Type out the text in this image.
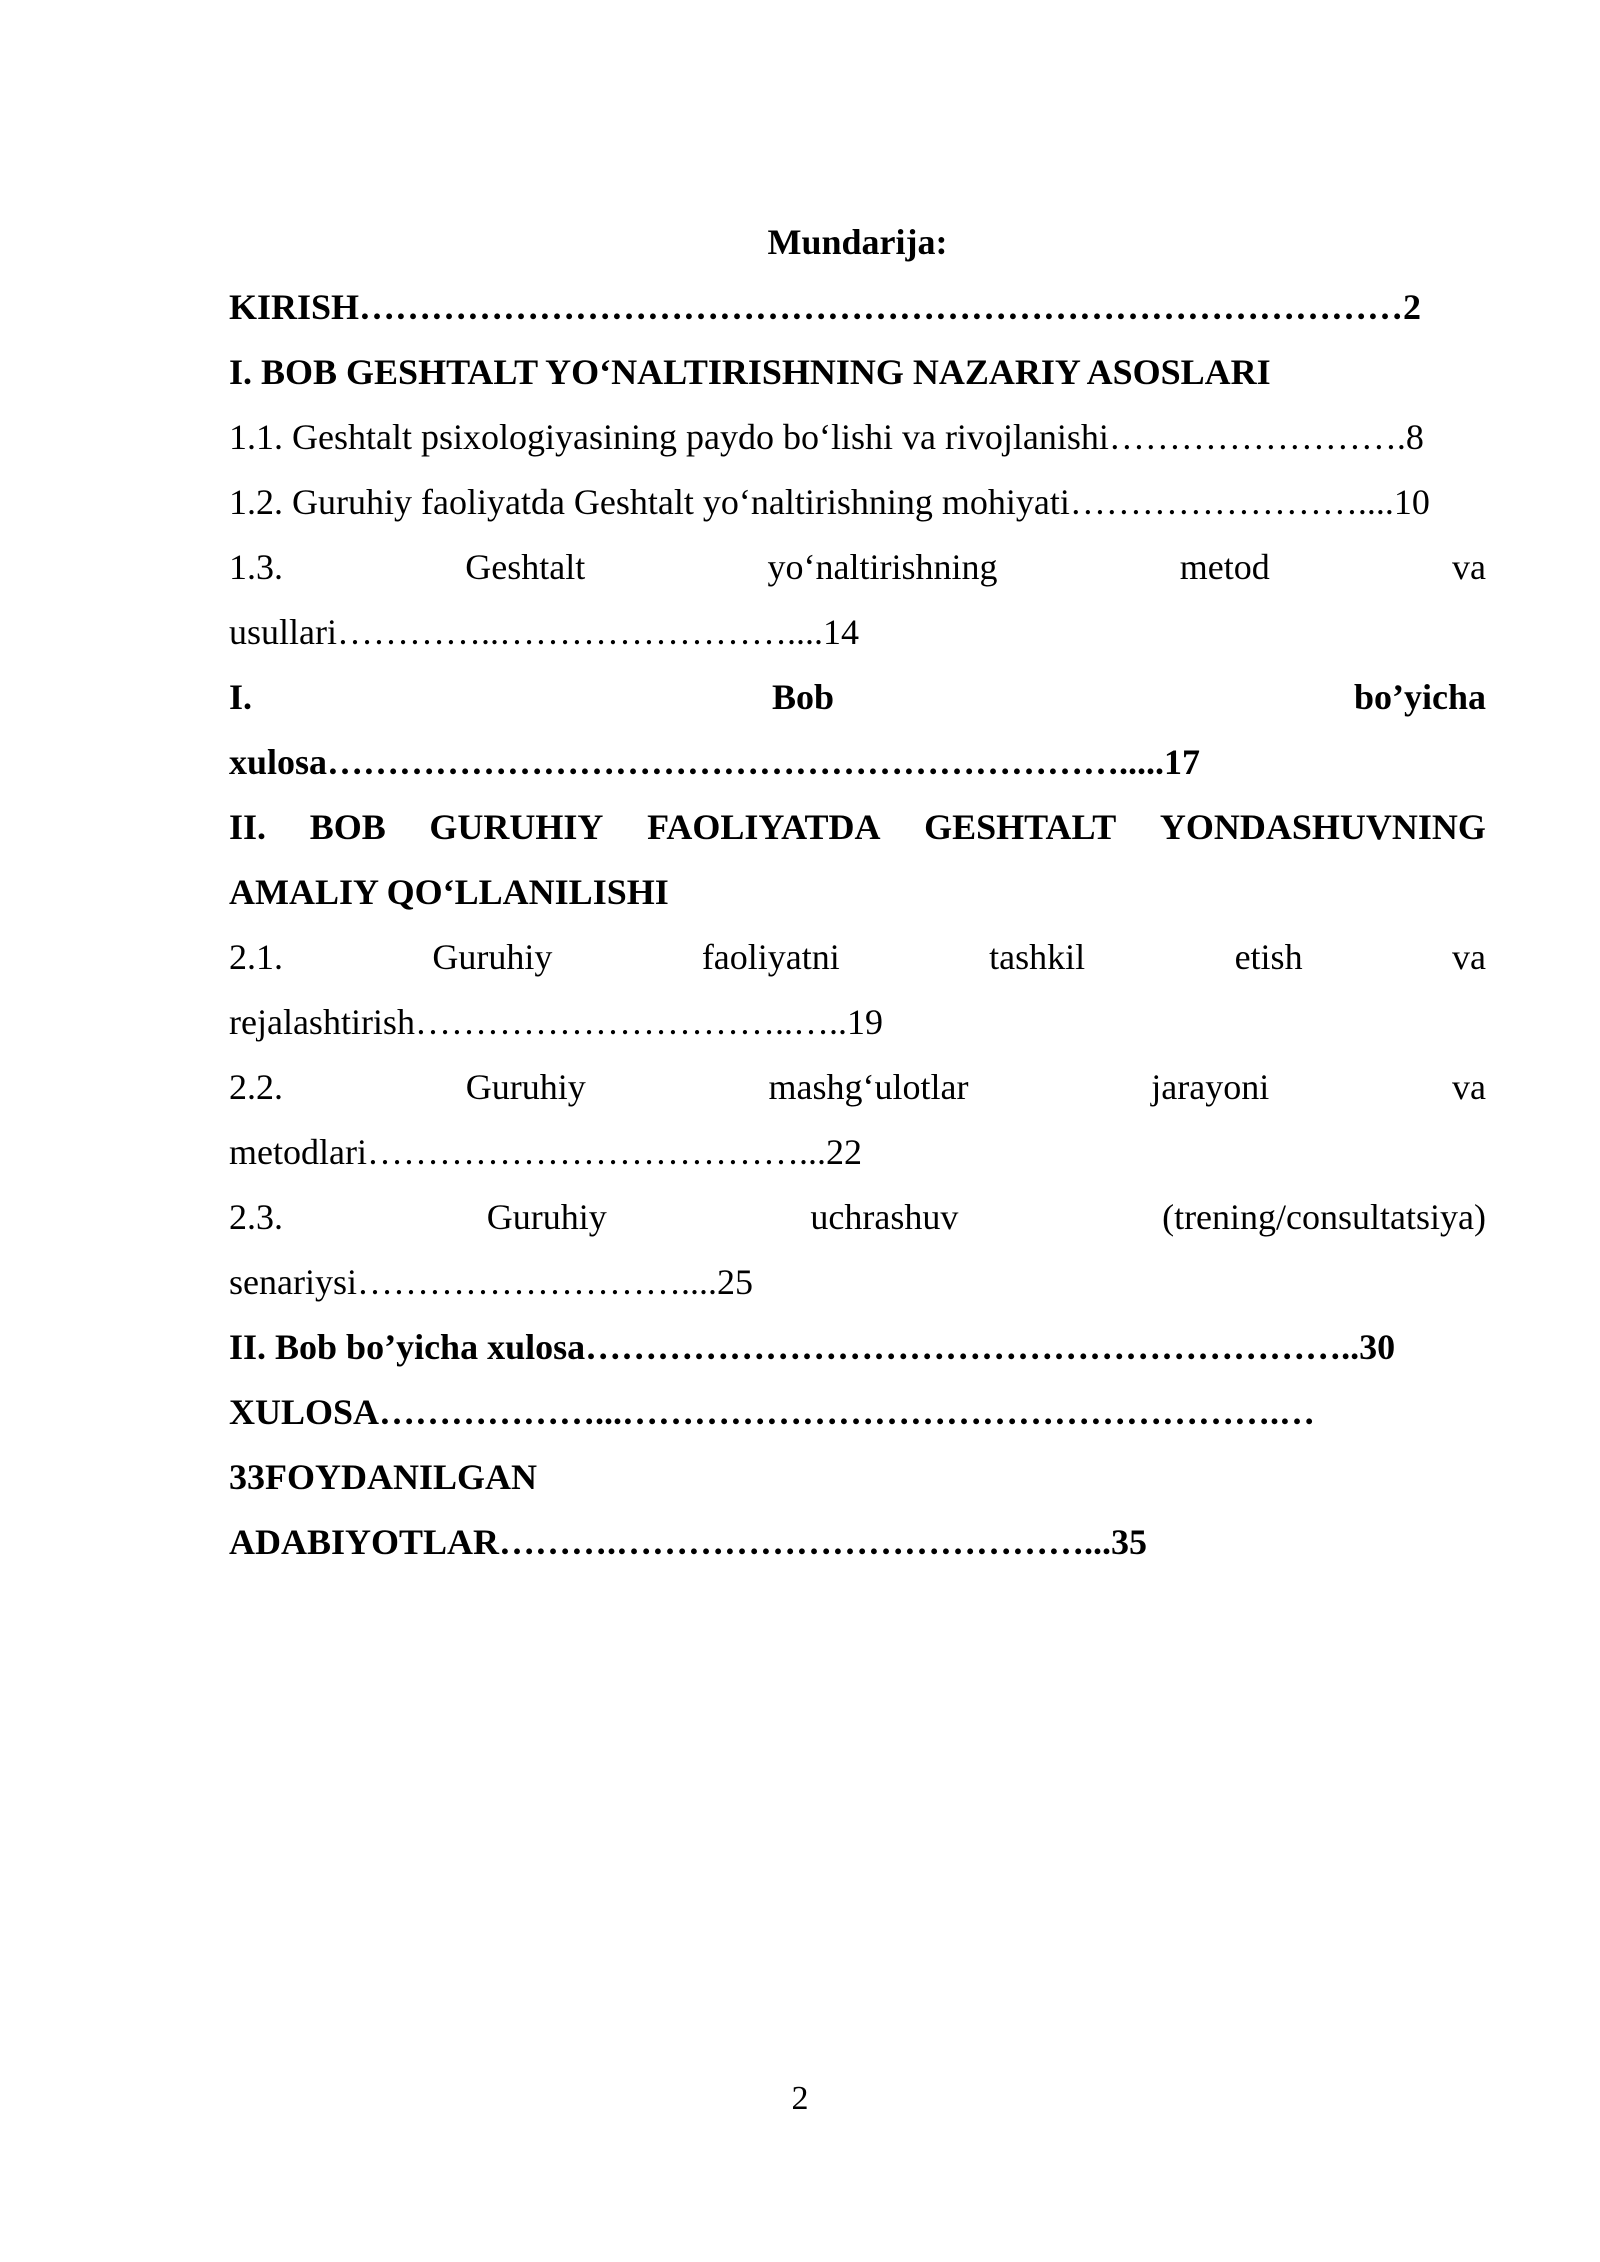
Mundarija:
KIRISH……………………………………………………………………………2
I. BOB GESHTALT YO‘NALTIRISHNING NAZARIY ASOSLARI
1.1. Geshtalt psixologiyasining paydo bo‘lishi va rivojlanishi…………………….8
1.2. Guruhiy faoliyatda Geshtalt yo‘naltirishning mohiyati……………………....10
1.3.	Geshtalt	yo‘naltirishning	metod	va
usullari…………..……………………....14
I.	Bob	bo’yicha
xulosa………………………………………………………….....17
II. BOB GURUHIY FAOLIYATDA GESHTALT YONDASHUVNING
AMALIY QO‘LLANILISHI
2.1.	Guruhiy	faoliyatni	tashkil	etish	va
rejalashtirish…………………………..…..19
2.2.	Guruhiy	mashg‘ulotlar	jarayoni	va
metodlari………………………………...22
2.3.	Guruhiy	uchrashuv	(trening/consultatsiya)
senariysi………………………....25
II. Bob bo’yicha xulosa………………………………………………………..30
XULOSA………………...……………………………………………….…
33FOYDANILGAN
ADABIYOTLAR……….…………………………………...35
2
